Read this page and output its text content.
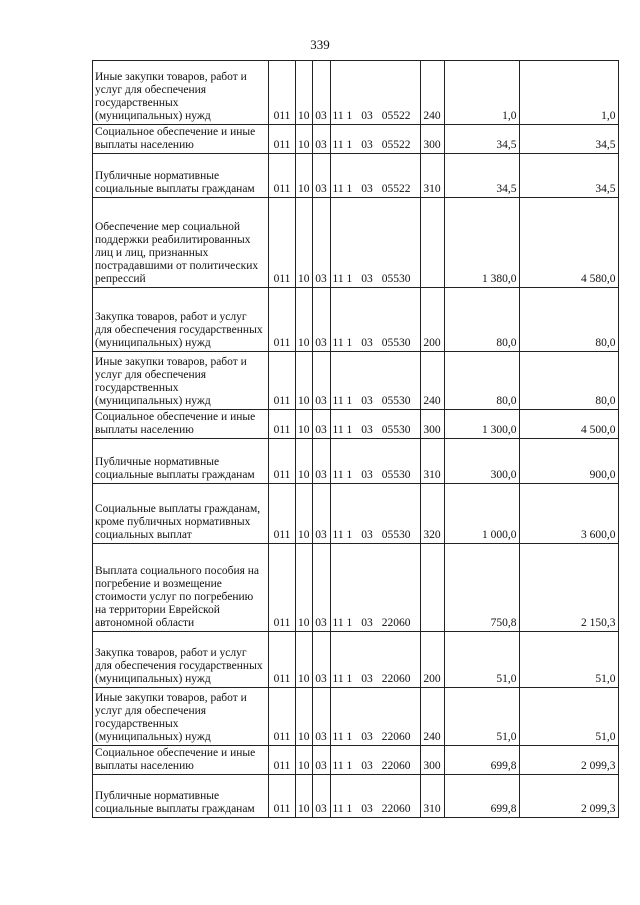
339
Иные закупки товаров, работ и услуг для обеспечения государственных (муниципальных) нужд	011	10	03	11 1 03 05522	240	1,0	1,0
Социальное обеспечение и иные выплаты населению	011	10	03	11 1 03 05522	300	34,5	34,5
Публичные нормативные социальные выплаты гражданам	011	10	03	11 1 03 05522	310	34,5	34,5
Обеспечение мер социальной поддержки реабилитированных лиц и лиц, признанных пострадавшими от политических репрессий	011	10	03	11 1 03 05530		1 380,0	4 580,0
Закупка товаров, работ и услуг для обеспечения государственных (муниципальных) нужд	011	10	03	11 1 03 05530	200	80,0	80,0
Иные закупки товаров, работ и услуг для обеспечения государственных (муниципальных) нужд	011	10	03	11 1 03 05530	240	80,0	80,0
Социальное обеспечение и иные выплаты населению	011	10	03	11 1 03 05530	300	1 300,0	4 500,0
Публичные нормативные социальные выплаты гражданам	011	10	03	11 1 03 05530	310	300,0	900,0
Социальные выплаты гражданам, кроме публичных нормативных социальных выплат	011	10	03	11 1 03 05530	320	1 000,0	3 600,0
Выплата социального пособия на погребение и возмещение стоимости услуг по погребению на территории Еврейской автономной области	011	10	03	11 1 03 22060		750,8	2 150,3
Закупка товаров, работ и услуг для обеспечения государственных (муниципальных) нужд	011	10	03	11 1 03 22060	200	51,0	51,0
Иные закупки товаров, работ и услуг для обеспечения государственных (муниципальных) нужд	011	10	03	11 1 03 22060	240	51,0	51,0
Социальное обеспечение и иные выплаты населению	011	10	03	11 1 03 22060	300	699,8	2 099,3
Публичные нормативные социальные выплаты гражданам	011	10	03	11 1 03 22060	310	699,8	2 099,3
